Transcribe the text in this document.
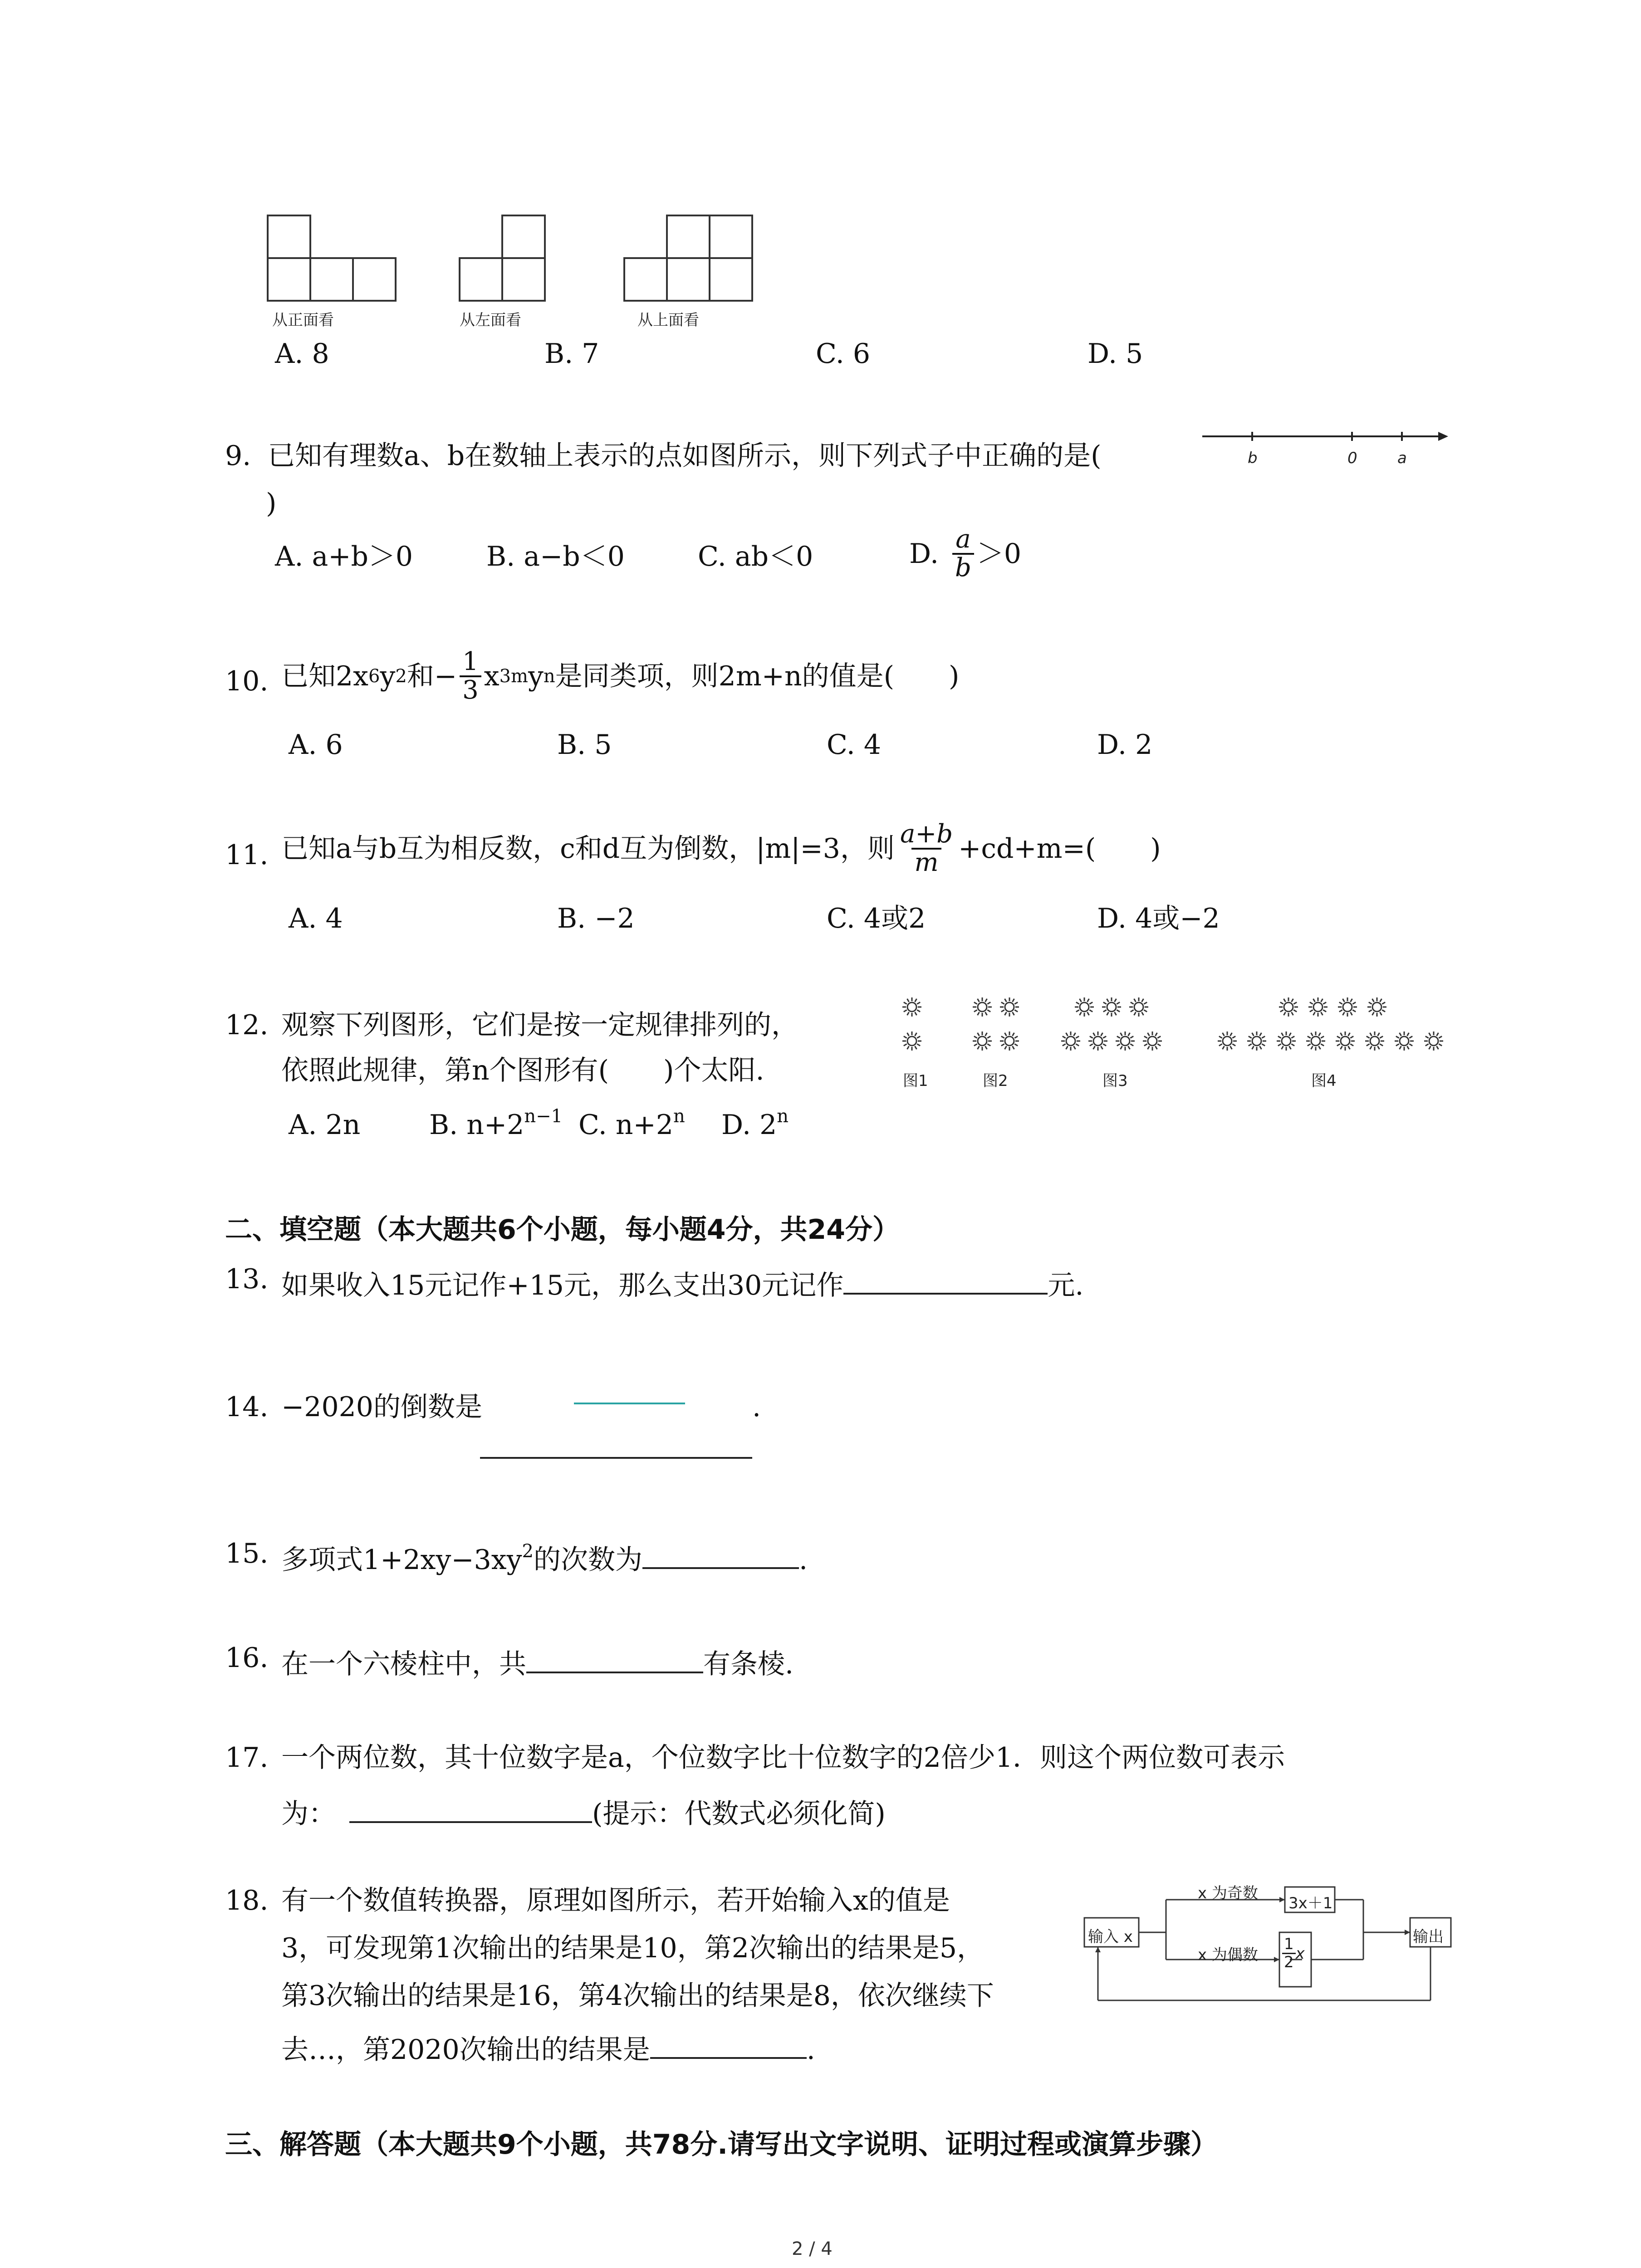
从正面看	从左面看	从上面看
A. 8	B. 7	C. 6	D. 5
9. 已知有理数a、b在数轴上表示的点如图所示，则下列式子中正确的是(	b	0	a
)
A. a+b＞0	B. a−b＜0	C. ab＜0	D. $\frac{a}{b} >0$
10. 已知2x 6 y 2 和− $\frac{1}{3}$ x 3m y n 是同类项，则2m+n的值是(　　)
A. 6	B. 5	C. 4	D. 2
11. 已知a与b互为相反数，c和d互为倒数，|m|=3，则 $\frac{a+b}{m} +cd+m=$(　　)
A. 4	B. −2	C. 4或2	D. 4或−2
12. 观察下列图形，它们是按一定规律排列的，
依照此规律，第n个图形有(　　)个太阳.	图1	图2	图3	图4
A. 2n	B. $n+2^{n-1}$ C. $n+2^n$ D. 2$^n$
二、填空题（本大题共6个小题，每小题4分，共24分）
13. 如果收入15元记作+15元，那么支出30元记作	元.
14. −2020的倒数是	.
15. 多项式$1+2xy-3xy^2$的次数为	.
16. 在一个六棱柱中，共	有条棱.
17. 一个两位数，其十位数字是a，个位数字比十位数字的2倍少1．则这个两位数可表示
为：	(提示：代数式必须化简)
18. 有一个数值转换器，原理如图所示，若开始输入x的值是
3，可发现第1次输出的结果是10，第2次输出的结果是5，
第3次输出的结果是16，第4次输出的结果是8，依次继续下
去…，第2020次输出的结果是	.
输入 x
x 为奇数
3x＋1
x 为偶数 $\frac{1}{2}$ x
输出
三、解答题（本大题共9个小题，共78分.请写出文字说明、证明过程或演算步骤）
2 / 4
